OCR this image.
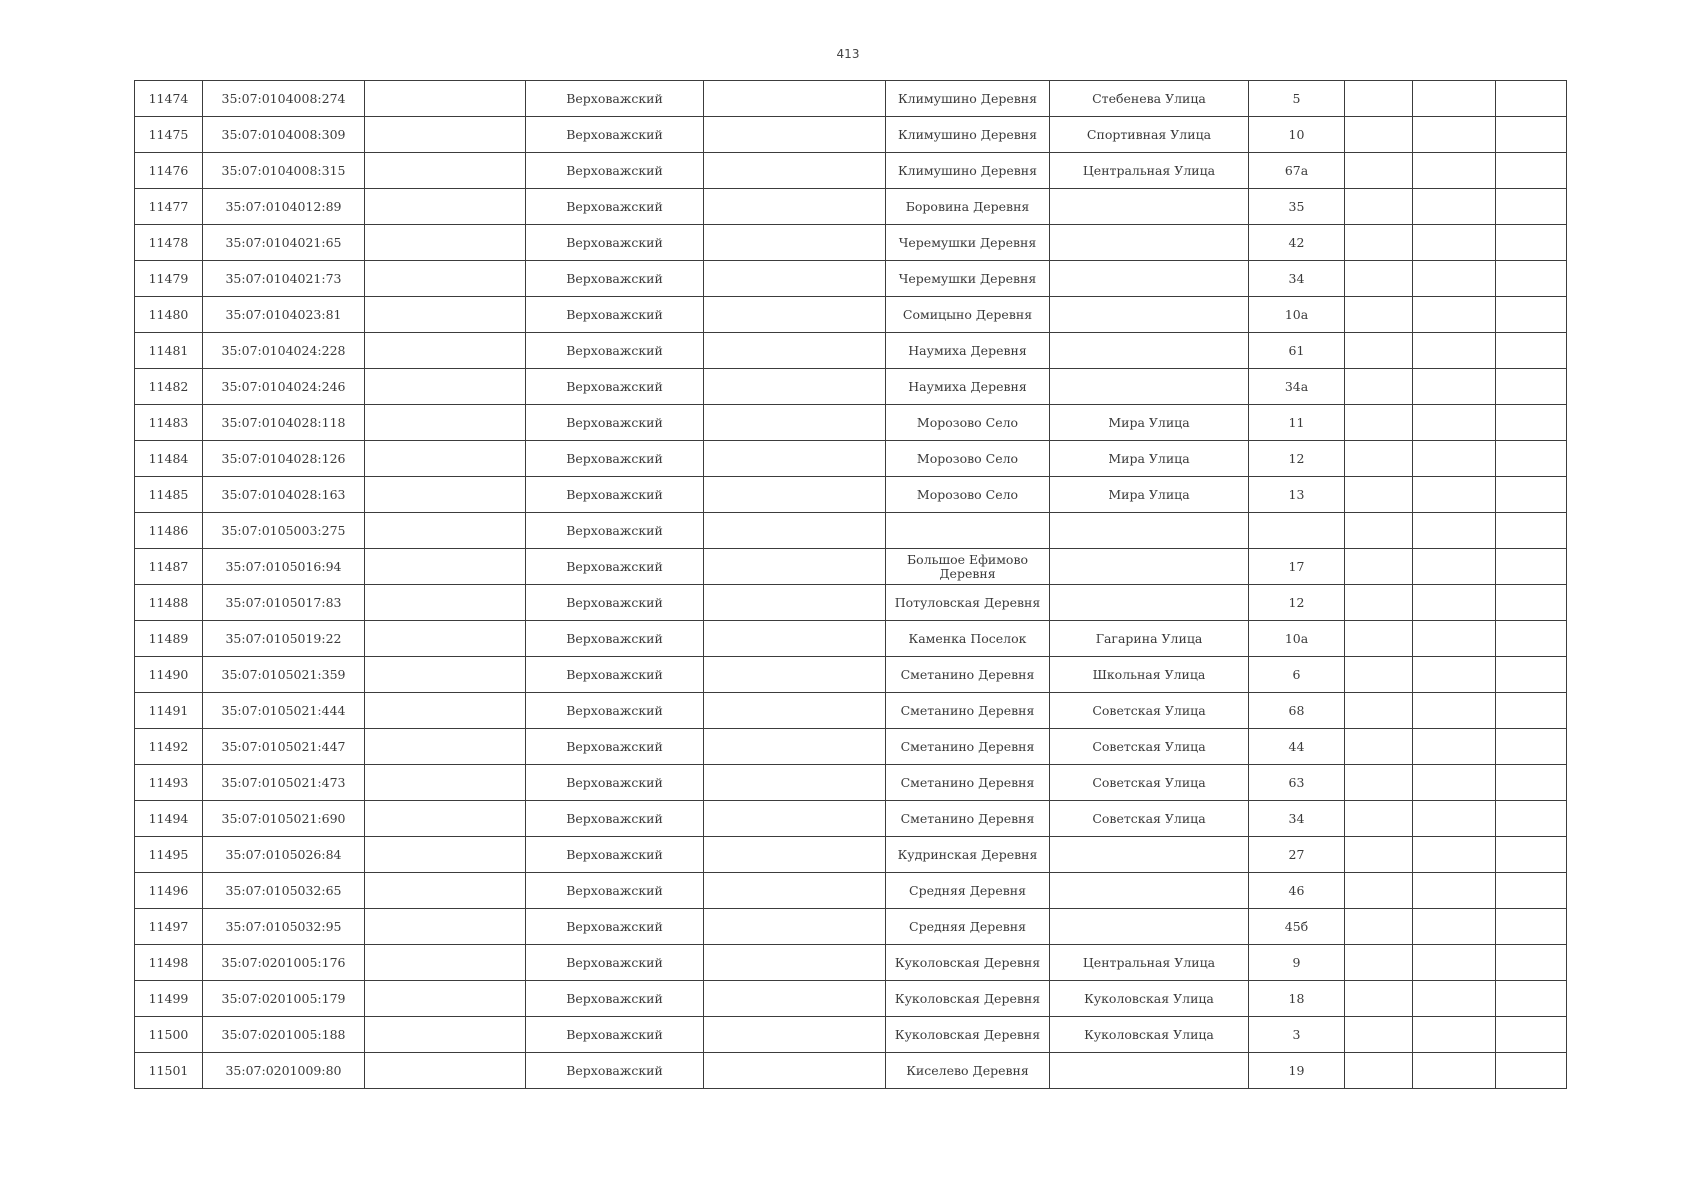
413
11474	35:07:0104008:274		Верховажский		Климушино Деревня	Стебенева Улица	5			
11475	35:07:0104008:309		Верховажский		Климушино Деревня	Спортивная Улица	10			
11476	35:07:0104008:315		Верховажский		Климушино Деревня	Центральная Улица	67а			
11477	35:07:0104012:89		Верховажский		Боровина Деревня		35			
11478	35:07:0104021:65		Верховажский		Черемушки Деревня		42			
11479	35:07:0104021:73		Верховажский		Черемушки Деревня		34			
11480	35:07:0104023:81		Верховажский		Сомицыно Деревня		10а			
11481	35:07:0104024:228		Верховажский		Наумиха Деревня		61			
11482	35:07:0104024:246		Верховажский		Наумиха Деревня		34а			
11483	35:07:0104028:118		Верховажский		Морозово Село	Мира Улица	11			
11484	35:07:0104028:126		Верховажский		Морозово Село	Мира Улица	12			
11485	35:07:0104028:163		Верховажский		Морозово Село	Мира Улица	13			
11486	35:07:0105003:275		Верховажский							
11487	35:07:0105016:94		Верховажский		Большое Ефимово Деревня		17			
11488	35:07:0105017:83		Верховажский		Потуловская Деревня		12			
11489	35:07:0105019:22		Верховажский		Каменка Поселок	Гагарина Улица	10а			
11490	35:07:0105021:359		Верховажский		Сметанино Деревня	Школьная Улица	6			
11491	35:07:0105021:444		Верховажский		Сметанино Деревня	Советская Улица	68			
11492	35:07:0105021:447		Верховажский		Сметанино Деревня	Советская Улица	44			
11493	35:07:0105021:473		Верховажский		Сметанино Деревня	Советская Улица	63			
11494	35:07:0105021:690		Верховажский		Сметанино Деревня	Советская Улица	34			
11495	35:07:0105026:84		Верховажский		Кудринская Деревня		27			
11496	35:07:0105032:65		Верховажский		Средняя Деревня		46			
11497	35:07:0105032:95		Верховажский		Средняя Деревня		45б			
11498	35:07:0201005:176		Верховажский		Куколовская Деревня	Центральная Улица	9			
11499	35:07:0201005:179		Верховажский		Куколовская Деревня	Куколовская Улица	18			
11500	35:07:0201005:188		Верховажский		Куколовская Деревня	Куколовская Улица	3			
11501	35:07:0201009:80		Верховажский		Киселево Деревня		19			
